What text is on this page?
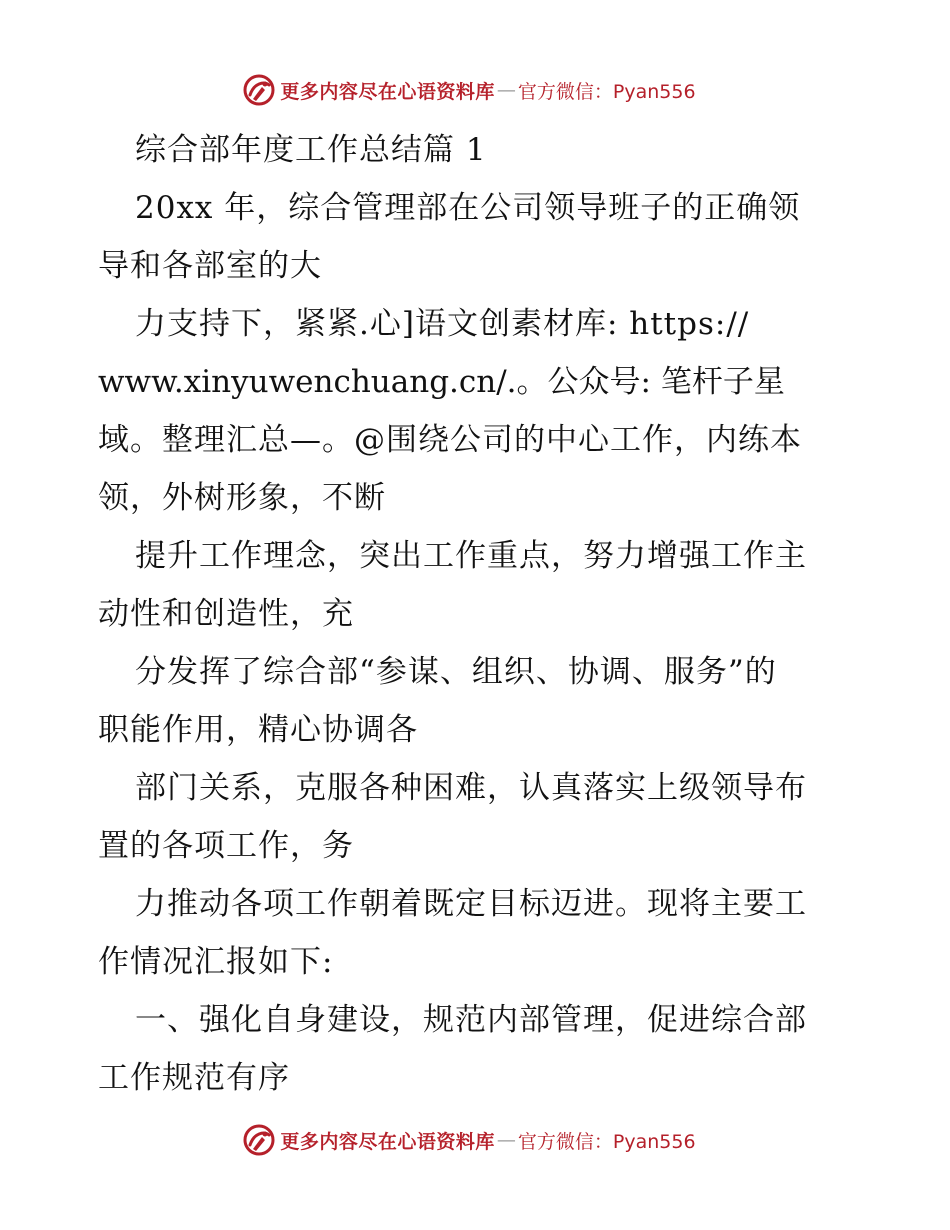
更多内容尽在心语资料库 — 官方微信：Pyan556
综合部年度工作总结篇 1
20xx 年，综合管理部在公司领导班子的正确领
导和各部室的大
力支持下，紧紧.心]语文创素材库: https://
www.xinyuwenchuang.cn/.。公众号: 笔杆子星
域。整理汇总—。@围绕公司的中心工作，内练本
领，外树形象，不断
提升工作理念，突出工作重点，努力增强工作主
动性和创造性，充
分发挥了综合部“参谋、组织、协调、服务”的
职能作用，精心协调各
部门关系，克服各种困难，认真落实上级领导布
置的各项工作，务
力推动各项工作朝着既定目标迈进。现将主要工
作情况汇报如下:
一、强化自身建设，规范内部管理，促进综合部
工作规范有序
更多内容尽在心语资料库 — 官方微信：Pyan556
